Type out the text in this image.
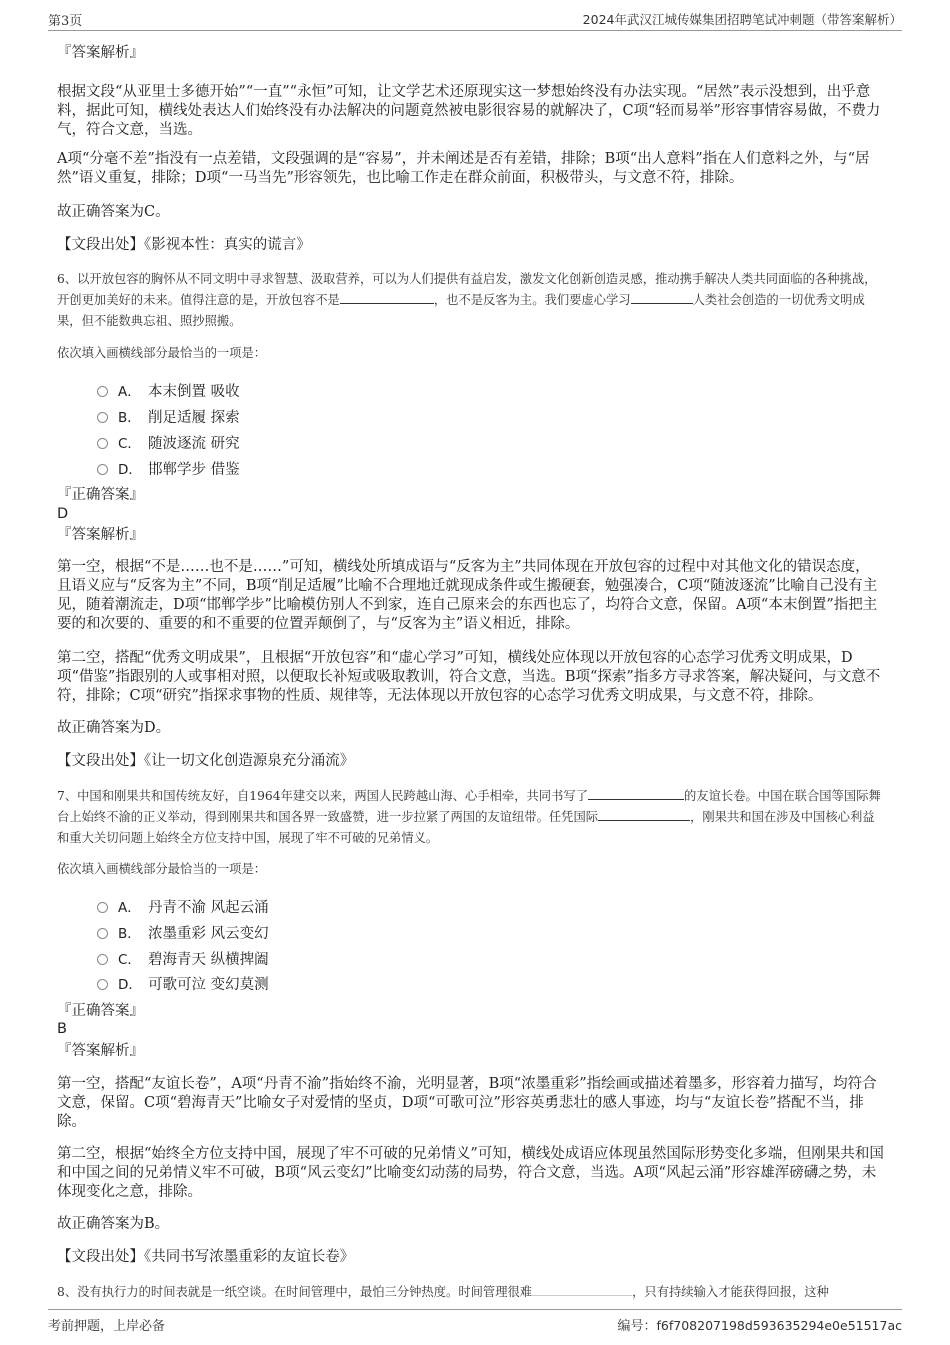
第3页	2024年武汉江城传媒集团招聘笔试冲刺题（带答案解析）

『答案解析』

根据文段“从亚里士多德开始”“一直”“永恒”可知，让文学艺术还原现实这一梦想始终没有办法实现。“居然”表示没想到，出乎意料，据此可知，横线处表达人们始终没有办法解决的问题竟然被电影很容易的就解决了，C项“轻而易举”形容事情容易做，不费力气，符合文意，当选。

A项“分毫不差”指没有一点差错，文段强调的是“容易”，并未阐述是否有差错，排除；B项“出人意料”指在人们意料之外，与“居然”语义重复，排除；D项“一马当先”形容领先，也比喻工作走在群众前面，积极带头，与文意不符，排除。

故正确答案为C。

【文段出处】《影视本性：真实的谎言》

6、以开放包容的胸怀从不同文明中寻求智慧、汲取营养，可以为人们提供有益启发，激发文化创新创造灵感，推动携手解决人类共同面临的各种挑战，开创更加美好的未来。值得注意的是，开放包容不是	，也不是反客为主。我们要虚心学习	人类社会创造的一切优秀文明成果，但不能数典忘祖、照抄照搬。

依次填入画横线部分最恰当的一项是：

A． 本末倒置 吸收
B． 削足适履 探索
C． 随波逐流 研究
D． 邯郸学步 借鉴

『正确答案』

D

『答案解析』

第一空，根据“不是……也不是……”可知，横线处所填成语与“反客为主”共同体现在开放包容的过程中对其他文化的错误态度，且语义应与“反客为主”不同，B项“削足适履”比喻不合理地迁就现成条件或生搬硬套，勉强凑合，C项“随波逐流”比喻自己没有主见，随着潮流走，D项“邯郸学步”比喻模仿别人不到家，连自己原来会的东西也忘了，均符合文意，保留。A项“本末倒置”指把主要的和次要的、重要的和不重要的位置弄颠倒了，与“反客为主”语义相近，排除。

第二空，搭配“优秀文明成果”，且根据“开放包容”和“虚心学习”可知，横线处应体现以开放包容的心态学习优秀文明成果，D项“借鉴”指跟别的人或事相对照，以便取长补短或吸取教训，符合文意，当选。B项“探索”指多方寻求答案，解决疑问，与文意不符，排除；C项“研究”指探求事物的性质、规律等，无法体现以开放包容的心态学习优秀文明成果，与文意不符，排除。

故正确答案为D。

【文段出处】《让一切文化创造源泉充分涌流》

7、中国和刚果共和国传统友好，自1964年建交以来，两国人民跨越山海、心手相牵，共同书写了	的友谊长卷。中国在联合国等国际舞台上始终不渝的正义举动，得到刚果共和国各界一致盛赞，进一步拉紧了两国的友谊纽带。任凭国际	，刚果共和国在涉及中国核心利益和重大关切问题上始终全方位支持中国，展现了牢不可破的兄弟情义。

依次填入画横线部分最恰当的一项是：

A． 丹青不渝 风起云涌
B． 浓墨重彩 风云变幻
C． 碧海青天 纵横捭阖
D． 可歌可泣 变幻莫测

『正确答案』

B

『答案解析』

第一空，搭配“友谊长卷”，A项“丹青不渝”指始终不渝，光明显著，B项“浓墨重彩”指绘画或描述着墨多，形容着力描写，均符合文意，保留。C项“碧海青天”比喻女子对爱情的坚贞，D项“可歌可泣”形容英勇悲壮的感人事迹，均与“友谊长卷”搭配不当，排除。

第二空，根据“始终全方位支持中国，展现了牢不可破的兄弟情义”可知，横线处成语应体现虽然国际形势变化多端，但刚果共和国和中国之间的兄弟情义牢不可破，B项“风云变幻”比喻变幻动荡的局势，符合文意，当选。A项“风起云涌”形容雄浑磅礴之势，未体现变化之意，排除。

故正确答案为B。

【文段出处】《共同书写浓墨重彩的友谊长卷》

8、没有执行力的时间表就是一纸空谈。在时间管理中，最怕三分钟热度。时间管理很难	，只有持续输入才能获得回报，这种

考前押题，上岸必备	编号：f6f708207198d593635294e0e51517ac
